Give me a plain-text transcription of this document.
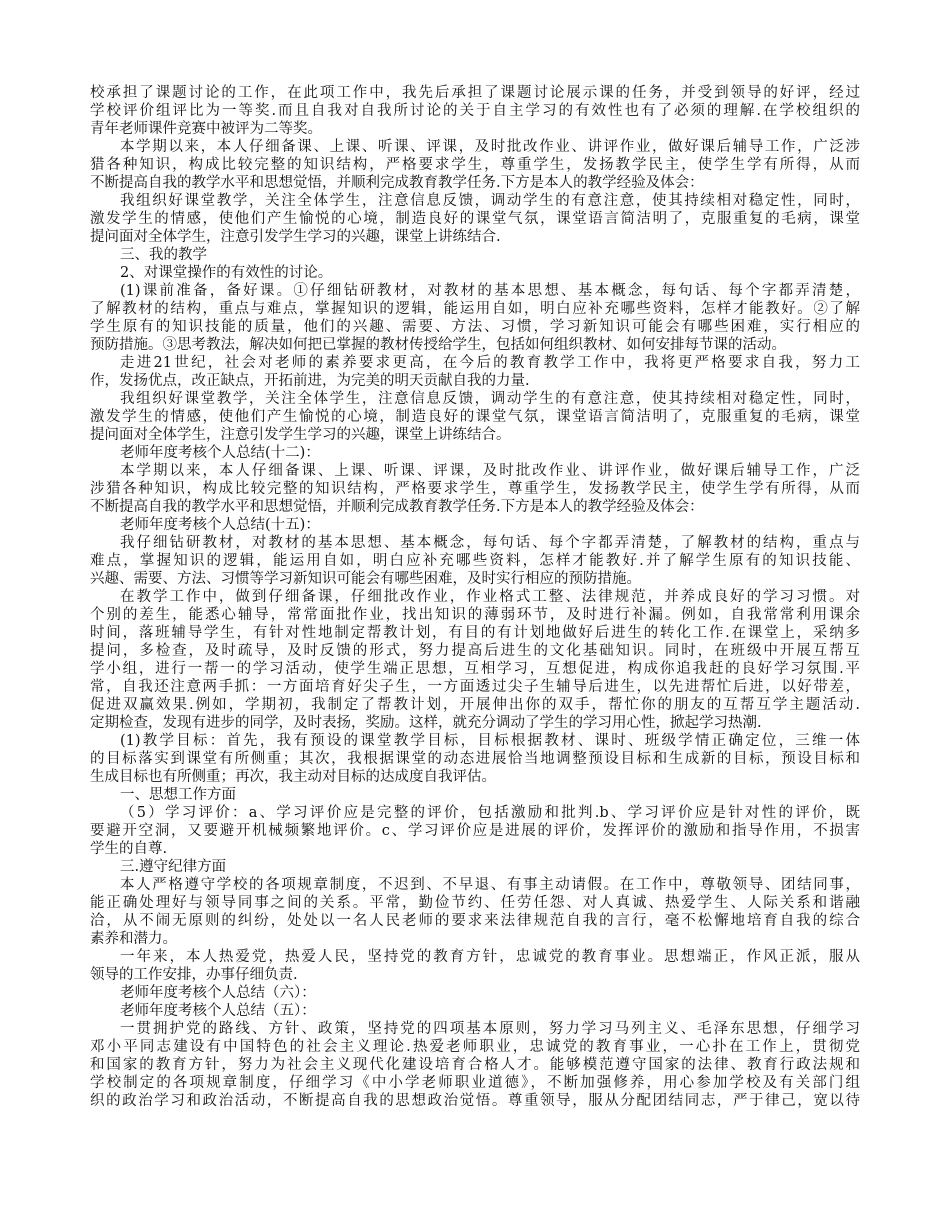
校承担了课题讨论的工作，在此项工作中，我先后承担了课题讨论展示课的任务，并受到领导的好评，经过
学校评价组评比为一等奖.而且自我对自我所讨论的关于自主学习的有效性也有了必须的理解.在学校组织的
青年老师课件竞赛中被评为二等奖。
本学期以来，本人仔细备课、上课、听课、评课，及时批改作业、讲评作业，做好课后辅导工作，广泛涉
猎各种知识，构成比较完整的知识结构，严格要求学生，尊重学生，发扬教学民主，使学生学有所得，从而
不断提高自我的教学水平和思想觉悟，并顺利完成教育教学任务.下方是本人的教学经验及体会：
我组织好课堂教学，关注全体学生，注意信息反馈，调动学生的有意注意，使其持续相对稳定性，同时，
激发学生的情感，使他们产生愉悦的心境，制造良好的课堂气氛，课堂语言简洁明了，克服重复的毛病，课堂
提问面对全体学生，注意引发学生学习的兴趣，课堂上讲练结合.
三、我的教学
2、对课堂操作的有效性的讨论。
(1)课前准备，备好课。①仔细钻研教材，对教材的基本思想、基本概念，每句话、每个字都弄清楚，
了解教材的结构，重点与难点，掌握知识的逻辑，能运用自如，明白应补充哪些资料，怎样才能教好。②了解
学生原有的知识技能的质量，他们的兴趣、需要、方法、习惯，学习新知识可能会有哪些困难，实行相应的
预防措施。③思考教法，解决如何把已掌握的教材传授给学生，包括如何组织教材、如何安排每节课的活动。
走进21世纪，社会对老师的素养要求更高，在今后的教育教学工作中，我将更严格要求自我，努力工
作，发扬优点，改正缺点，开拓前进，为完美的明天贡献自我的力量.
我组织好课堂教学，关注全体学生，注意信息反馈，调动学生的有意注意，使其持续相对稳定性，同时，
激发学生的情感，使他们产生愉悦的心境，制造良好的课堂气氛，课堂语言简洁明了，克服重复的毛病，课堂
提问面对全体学生，注意引发学生学习的兴趣，课堂上讲练结合。
老师年度考核个人总结(十二)：
本学期以来，本人仔细备课、上课、听课、评课，及时批改作业、讲评作业，做好课后辅导工作，广泛
涉猎各种知识，构成比较完整的知识结构，严格要求学生，尊重学生，发扬教学民主，使学生学有所得，从而
不断提高自我的教学水平和思想觉悟，并顺利完成教育教学任务.下方是本人的教学经验及体会：
老师年度考核个人总结(十五)：
我仔细钻研教材，对教材的基本思想、基本概念，每句话、每个字都弄清楚，了解教材的结构，重点与
难点，掌握知识的逻辑，能运用自如，明白应补充哪些资料，怎样才能教好.并了解学生原有的知识技能、
兴趣、需要、方法、习惯等学习新知识可能会有哪些困难，及时实行相应的预防措施。
在教学工作中，做到仔细备课，仔细批改作业，作业格式工整、法律规范，并养成良好的学习习惯。对
个别的差生，能悉心辅导，常常面批作业，找出知识的薄弱环节，及时进行补漏。例如，自我常常利用课余
时间，落班辅导学生，有针对性地制定帮教计划，有目的有计划地做好后进生的转化工作.在课堂上，采纳多
提问，多检查，及时疏导，及时反馈的形式，努力提高后进生的文化基础知识。同时，在班级中开展互帮互
学小组，进行一帮一的学习活动，使学生端正思想，互相学习，互想促进，构成你追我赶的良好学习氛围.平
常，自我还注意两手抓：一方面培育好尖子生，一方面透过尖子生辅导后进生，以先进帮忙后进，以好带差，
促进双赢效果.例如，学期初，我制定了帮教计划，开展伸出你的双手，帮忙你的朋友的互帮互学主题活动.
定期检查，发现有进步的同学，及时表扬，奖励。这样，就充分调动了学生的学习用心性，掀起学习热潮.
(1)教学目标：首先，我有预设的课堂教学目标，目标根据教材、课时、班级学情正确定位，三维一体
的目标落实到课堂有所侧重；其次，我根据课堂的动态进展恰当地调整预设目标和生成新的目标，预设目标和
生成目标也有所侧重；再次，我主动对目标的达成度自我评估。
一、思想工作方面
（5）学习评价：a、学习评价应是完整的评价，包括激励和批判.b、学习评价应是针对性的评价，既
要避开空洞，又要避开机械频繁地评价。c、学习评价应是进展的评价，发挥评价的激励和指导作用，不损害
学生的自尊.
三.遵守纪律方面
本人严格遵守学校的各项规章制度，不迟到、不早退、有事主动请假。在工作中，尊敬领导、团结同事，
能正确处理好与领导同事之间的关系。平常，勤俭节约、任劳任怨、对人真诚、热爱学生、人际关系和谐融
洽，从不闹无原则的纠纷，处处以一名人民老师的要求来法律规范自我的言行，毫不松懈地培育自我的综合
素养和潜力。
一年来，本人热爱党，热爱人民，坚持党的教育方针，忠诚党的教育事业。思想端正，作风正派，服从
领导的工作安排，办事仔细负责.
老师年度考核个人总结（六）：
老师年度考核个人总结（五）：
一贯拥护党的路线、方针、政策，坚持党的四项基本原则，努力学习马列主义、毛泽东思想，仔细学习
邓小平同志建设有中国特色的社会主义理论.热爱老师职业，忠诚党的教育事业，一心扑在工作上，贯彻党
和国家的教育方针，努力为社会主义现代化建设培育合格人才。能够模范遵守国家的法律、教育行政法规和
学校制定的各项规章制度，仔细学习《中小学老师职业道德》，不断加强修养，用心参加学校及有关部门组
织的政治学习和政治活动，不断提高自我的思想政治觉悟。尊重领导，服从分配团结同志，严于律己，宽以待
